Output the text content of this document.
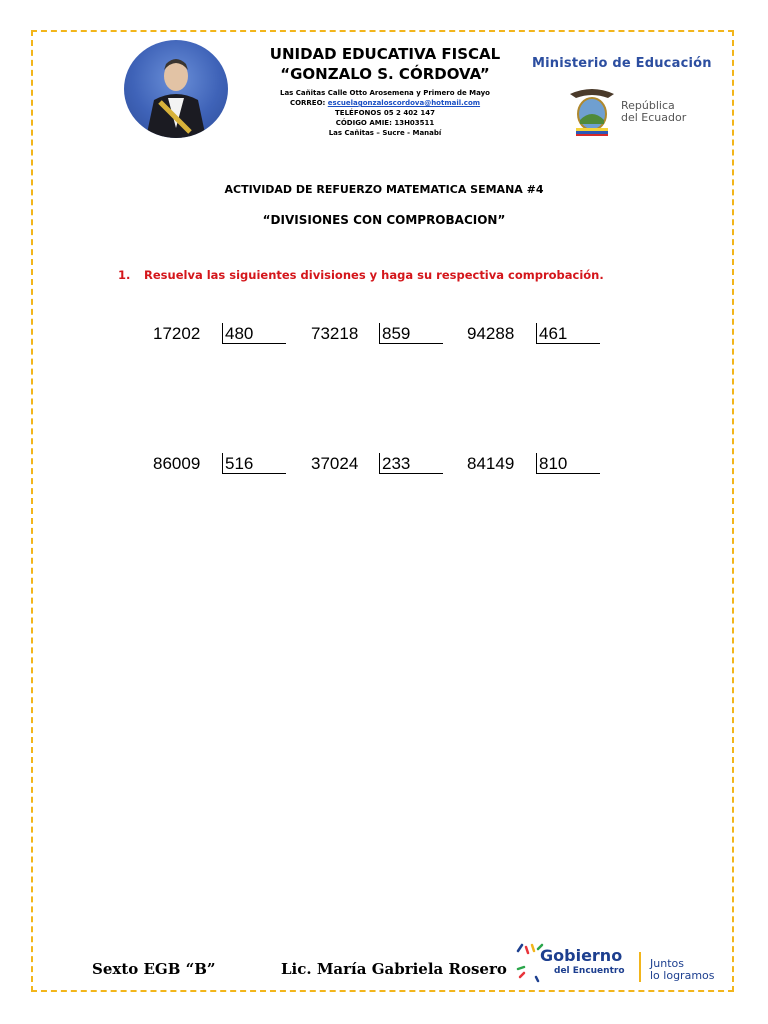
UNIDAD EDUCATIVA FISCAL
“GONZALO S. CÓRDOVA”
Las Cañitas Calle Otto Arosemena y Primero de Mayo
CORREO: escuelagonzaloscordova@hotmail.com
TELÉFONOS 05 2 402 147
CÓDIGO AMIE: 13H03511
Las Cañitas – Sucre - Manabí
Ministerio de Educación
República
del Ecuador
ACTIVIDAD DE REFUERZO MATEMATICA SEMANA #4
“DIVISIONES CON COMPROBACION”
1. Resuelva las siguientes divisiones y haga su respectiva comprobación.
17202 480	73218 859	94288 461
86009 516	37024 233	84149 810
Sexto EGB “B”	Lic. María Gabriela Rosero
Gobierno
del Encuentro
Juntos
lo logramos
